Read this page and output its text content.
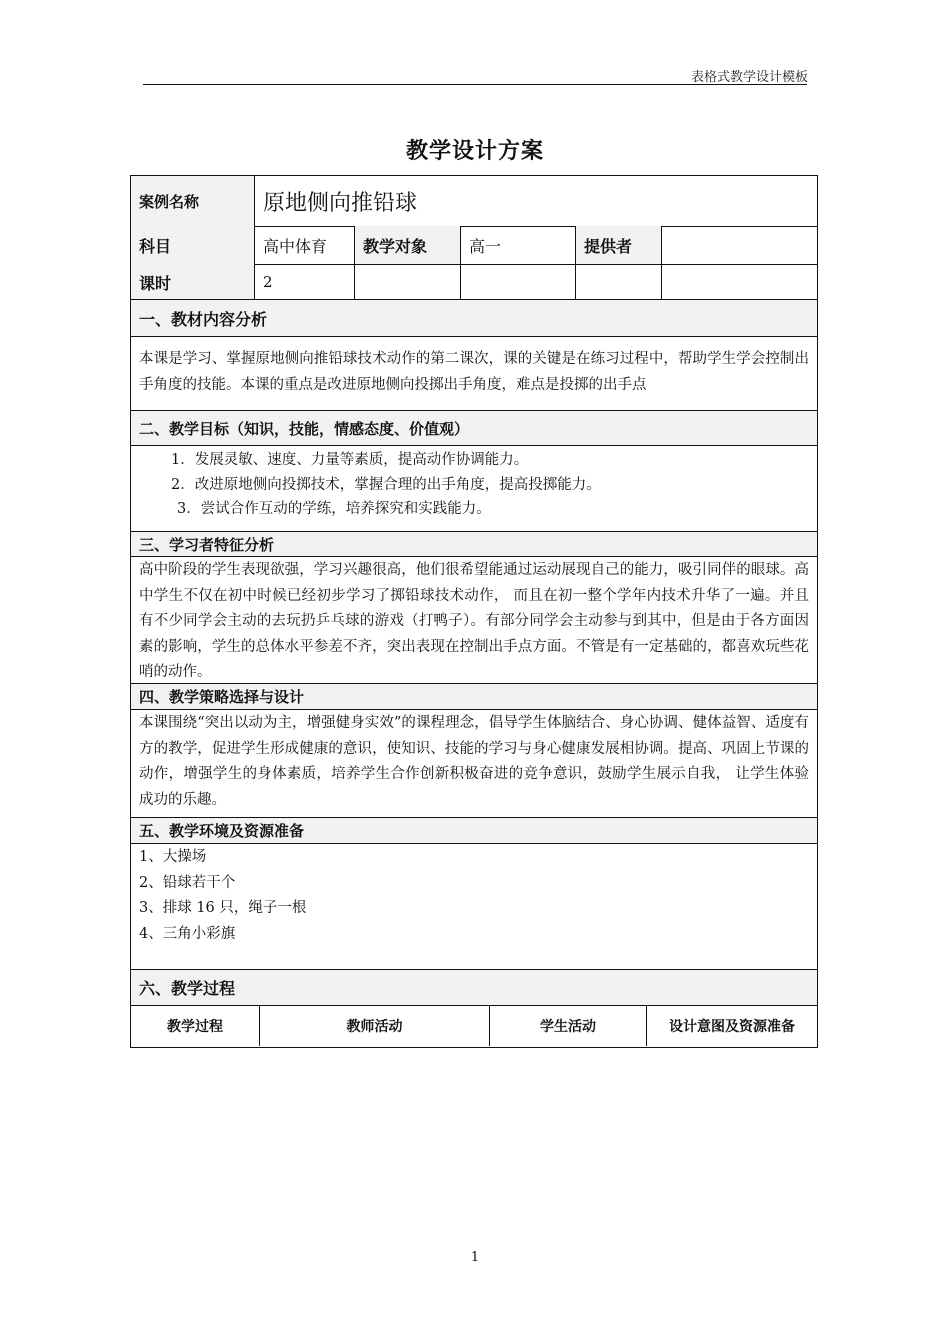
表格式教学设计模板
教学设计方案
案例名称	原地侧向推铅球
科目	高中体育	教学对象	高一	提供者
课时	2
一、教材内容分析
本课是学习、掌握原地侧向推铅球技术动作的第二课次，课的关键是在练习过程中，帮助学生学会控制出手角度的技能。本课的重点是改进原地侧向投掷出手角度，难点是投掷的出手点
二、教学目标（知识，技能，情感态度、价值观）
1．发展灵敏、速度、力量等素质，提高动作协调能力。
2．改进原地侧向投掷技术，掌握合理的出手角度，提高投掷能力。
3．尝试合作互动的学练，培养探究和实践能力。
三、学习者特征分析
高中阶段的学生表现欲强，学习兴趣很高，他们很希望能通过运动展现自己的能力，吸引同伴的眼球。高中学生不仅在初中时候已经初步学习了掷铅球技术动作， 而且在初一整个学年内技术升华了一遍。并且有不少同学会主动的去玩扔乒乓球的游戏（打鸭子）。有部分同学会主动参与到其中，但是由于各方面因素的影响，学生的总体水平参差不齐，突出表现在控制出手点方面。不管是有一定基础的，都喜欢玩些花哨的动作。
四、教学策略选择与设计
本课围绕“突出以动为主，增强健身实效”的课程理念，倡导学生体脑结合、身心协调、健体益智、适度有方的教学，促进学生形成健康的意识，使知识、技能的学习与身心健康发展相协调。提高、巩固上节课的动作，增强学生的身体素质，培养学生合作创新积极奋进的竞争意识，鼓励学生展示自我， 让学生体验成功的乐趣。
五、教学环境及资源准备
1、大操场
2、铅球若干个
3、排球 16 只，绳子一根
4、三角小彩旗
六、教学过程
教学过程	教师活动	学生活动	设计意图及资源准备
1
